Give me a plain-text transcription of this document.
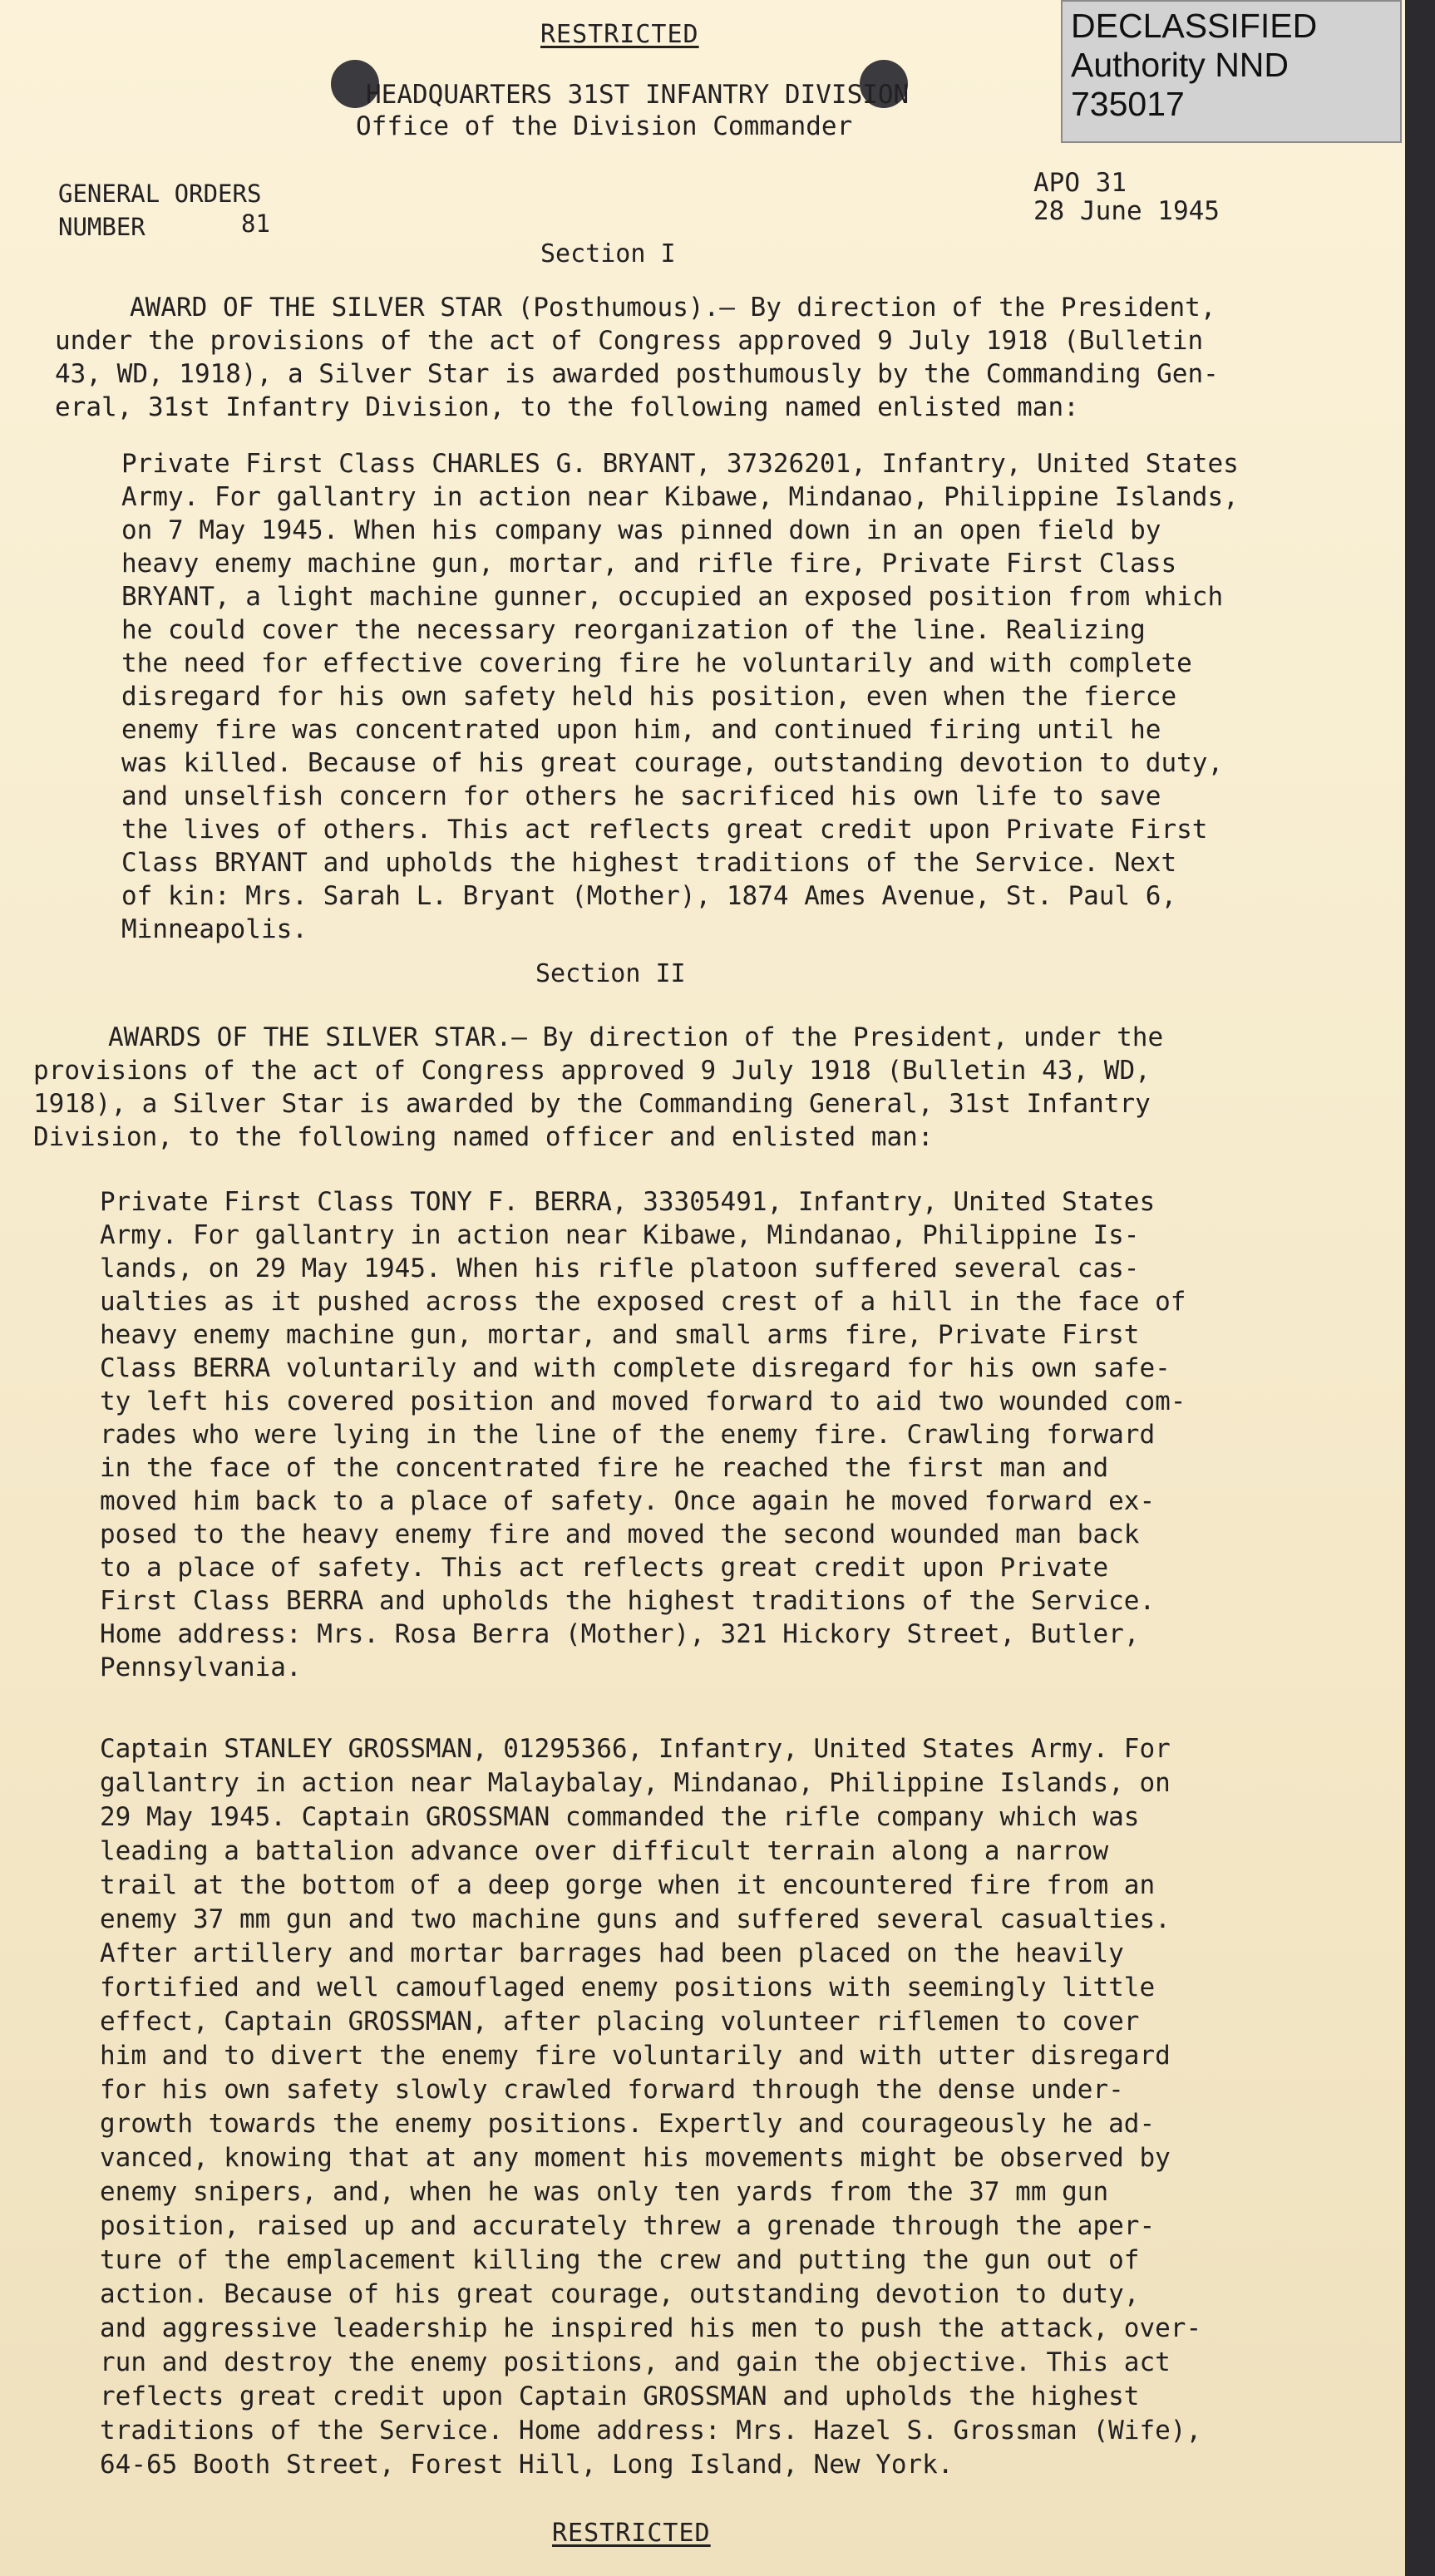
RESTRICTED
HEADQUARTERS 31ST INFANTRY DIVISION
Office of the Division Commander
GENERAL ORDERS
NUMBER	81
APO 31
28 June 1945
Section I

AWARD OF THE SILVER STAR (Posthumous).— By direction of the President,

under the provisions of the act of Congress approved 9 July 1918 (Bulletin

43, WD, 1918), a Silver Star is awarded posthumously by the Commanding Gen-

eral, 31st Infantry Division, to the following named enlisted man:

Private First Class CHARLES G. BRYANT, 37326201, Infantry, United States

Army. For gallantry in action near Kibawe, Mindanao, Philippine Islands,

on 7 May 1945. When his company was pinned down in an open field by

heavy enemy machine gun, mortar, and rifle fire, Private First Class

BRYANT, a light machine gunner, occupied an exposed position from which

he could cover the necessary reorganization of the line. Realizing

the need for effective covering fire he voluntarily and with complete

disregard for his own safety held his position, even when the fierce

enemy fire was concentrated upon him, and continued firing until he

was killed. Because of his great courage, outstanding devotion to duty,

and unselfish concern for others he sacrificed his own life to save

the lives of others. This act reflects great credit upon Private First

Class BRYANT and upholds the highest traditions of the Service. Next

of kin: Mrs. Sarah L. Bryant (Mother), 1874 Ames Avenue, St. Paul 6,

Minneapolis.

Section II

AWARDS OF THE SILVER STAR.— By direction of the President, under the

provisions of the act of Congress approved 9 July 1918 (Bulletin 43, WD,

1918), a Silver Star is awarded by the Commanding General, 31st Infantry

Division, to the following named officer and enlisted man:

Private First Class TONY F. BERRA, 33305491, Infantry, United States

Army. For gallantry in action near Kibawe, Mindanao, Philippine Is-

lands, on 29 May 1945. When his rifle platoon suffered several cas-

ualties as it pushed across the exposed crest of a hill in the face of

heavy enemy machine gun, mortar, and small arms fire, Private First

Class BERRA voluntarily and with complete disregard for his own safe-

ty left his covered position and moved forward to aid two wounded com-

rades who were lying in the line of the enemy fire. Crawling forward

in the face of the concentrated fire he reached the first man and

moved him back to a place of safety. Once again he moved forward ex-

posed to the heavy enemy fire and moved the second wounded man back

to a place of safety. This act reflects great credit upon Private

First Class BERRA and upholds the highest traditions of the Service.

Home address: Mrs. Rosa Berra (Mother), 321 Hickory Street, Butler,

Pennsylvania.

Captain STANLEY GROSSMAN, 01295366, Infantry, United States Army. For

gallantry in action near Malaybalay, Mindanao, Philippine Islands, on

29 May 1945. Captain GROSSMAN commanded the rifle company which was

leading a battalion advance over difficult terrain along a narrow

trail at the bottom of a deep gorge when it encountered fire from an

enemy 37 mm gun and two machine guns and suffered several casualties.

After artillery and mortar barrages had been placed on the heavily

fortified and well camouflaged enemy positions with seemingly little

effect, Captain GROSSMAN, after placing volunteer riflemen to cover

him and to divert the enemy fire voluntarily and with utter disregard

for his own safety slowly crawled forward through the dense under-

growth towards the enemy positions. Expertly and courageously he ad-

vanced, knowing that at any moment his movements might be observed by

enemy snipers, and, when he was only ten yards from the 37 mm gun

position, raised up and accurately threw a grenade through the aper-

ture of the emplacement killing the crew and putting the gun out of

action. Because of his great courage, outstanding devotion to duty,

and aggressive leadership he inspired his men to push the attack, over-

run and destroy the enemy positions, and gain the objective. This act

reflects great credit upon Captain GROSSMAN and upholds the highest

traditions of the Service. Home address: Mrs. Hazel S. Grossman (Wife),

64-65 Booth Street, Forest Hill, Long Island, New York.

RESTRICTED
DECLASSIFIED
Authority NND
735017
